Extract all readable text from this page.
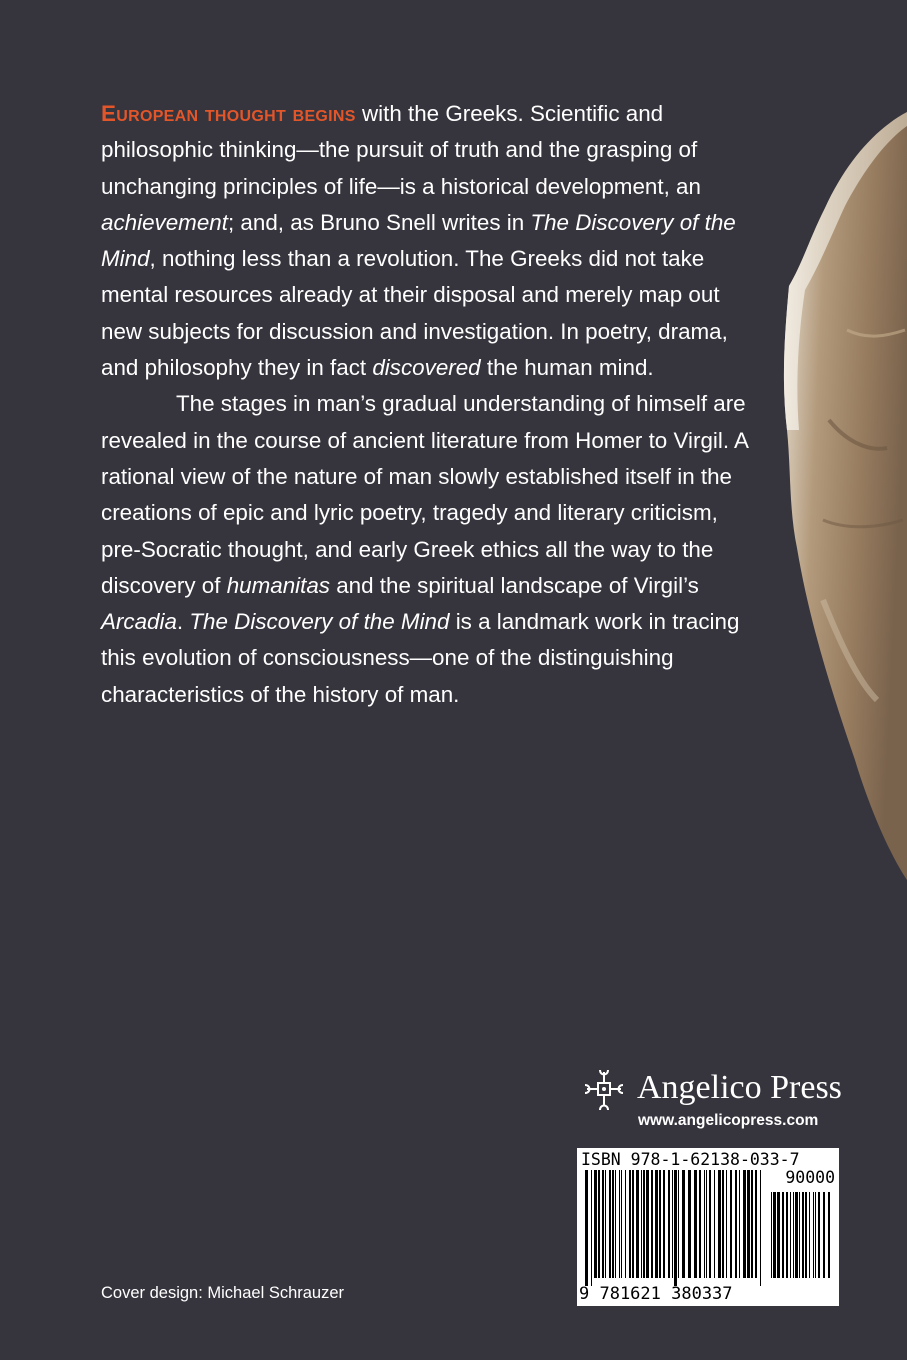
European thought begins with the Greeks. Scientific and philosophic thinking—the pursuit of truth and the grasping of unchanging principles of life—is a historical development, an achievement; and, as Bruno Snell writes in The Discovery of the Mind, nothing less than a revolution. The Greeks did not take mental resources already at their disposal and merely map out new subjects for discussion and investigation. In poetry, drama, and philosophy they in fact discovered the human mind.

The stages in man’s gradual understanding of himself are revealed in the course of ancient literature from Homer to Virgil. A rational view of the nature of man slowly established itself in the creations of epic and lyric poetry, tragedy and literary criticism, pre-Socratic thought, and early Greek ethics all the way to the discovery of humanitas and the spiritual landscape of Virgil’s Arcadia. The Discovery of the Mind is a landmark work in tracing this evolution of consciousness—one of the distinguishing characteristics of the history of man.

Angelico Press
www.angelicopress.com
ISBN 978-1-62138-033-7
90000
9 781621 380337
Cover design: Michael Schrauzer
